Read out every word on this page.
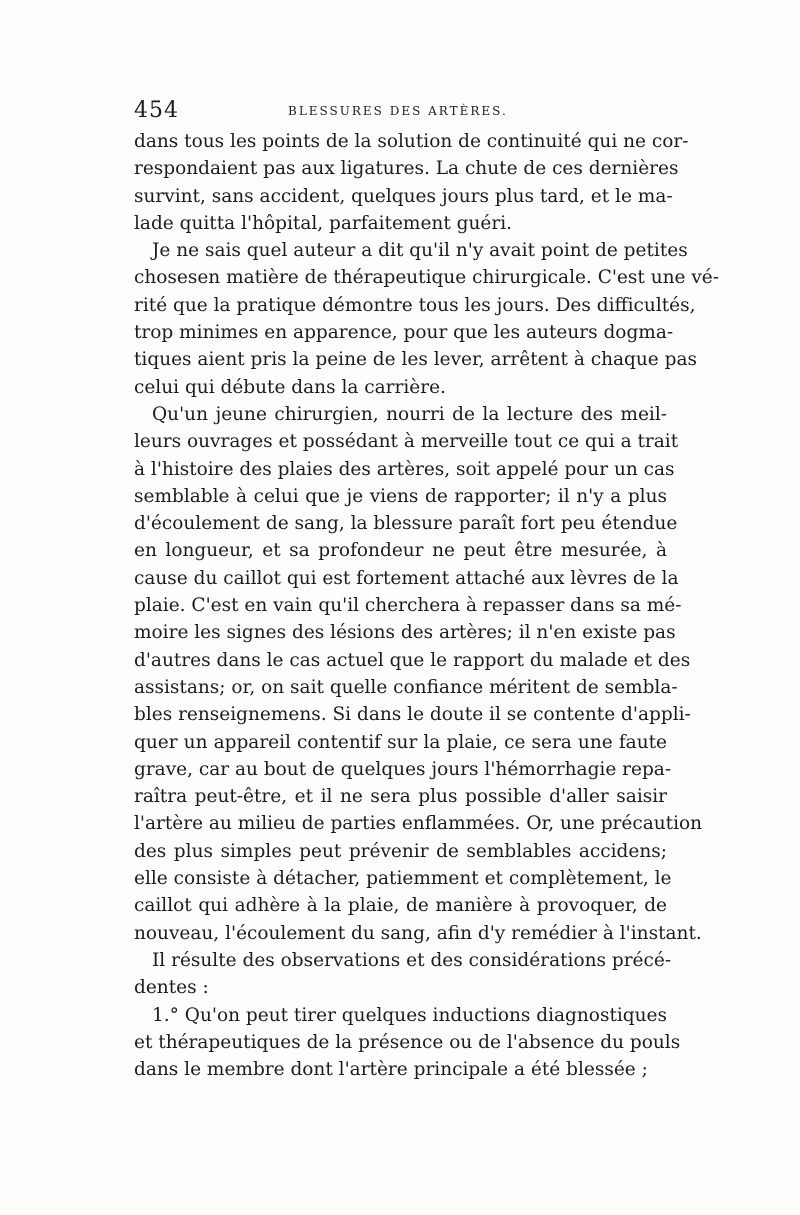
454	BLESSURES DES ARTÈRES.
dans tous les points de la solution de continuité qui ne cor-
respondaient pas aux ligatures. La chute de ces dernières
survint, sans accident, quelques jours plus tard, et le ma-
lade quitta l'hôpital, parfaitement guéri.
Je ne sais quel auteur a dit qu'il n'y avait point de petites
chosesen matière de thérapeutique chirurgicale. C'est une vé-
rité que la pratique démontre tous les jours. Des difficultés,
trop minimes en apparence, pour que les auteurs dogma-
tiques aient pris la peine de les lever, arrêtent à chaque pas
celui qui débute dans la carrière.
Qu'un jeune chirurgien, nourri de la lecture des meil-
leurs ouvrages et possédant à merveille tout ce qui a trait
à l'histoire des plaies des artères, soit appelé pour un cas
semblable à celui que je viens de rapporter; il n'y a plus
d'écoulement de sang, la blessure paraît fort peu étendue
en longueur, et sa profondeur ne peut être mesurée, à
cause du caillot qui est fortement attaché aux lèvres de la
plaie. C'est en vain qu'il cherchera à repasser dans sa mé-
moire les signes des lésions des artères; il n'en existe pas
d'autres dans le cas actuel que le rapport du malade et des
assistans; or, on sait quelle confiance méritent de sembla-
bles renseignemens. Si dans le doute il se contente d'appli-
quer un appareil contentif sur la plaie, ce sera une faute
grave, car au bout de quelques jours l'hémorrhagie repa-
raîtra peut-être, et il ne sera plus possible d'aller saisir
l'artère au milieu de parties enflammées. Or, une précaution
des plus simples peut prévenir de semblables accidens;
elle consiste à détacher, patiemment et complètement, le
caillot qui adhère à la plaie, de manière à provoquer, de
nouveau, l'écoulement du sang, afin d'y remédier à l'instant.
Il résulte des observations et des considérations précé-
dentes :
1.° Qu'on peut tirer quelques inductions diagnostiques
et thérapeutiques de la présence ou de l'absence du pouls
dans le membre dont l'artère principale a été blessée ;
